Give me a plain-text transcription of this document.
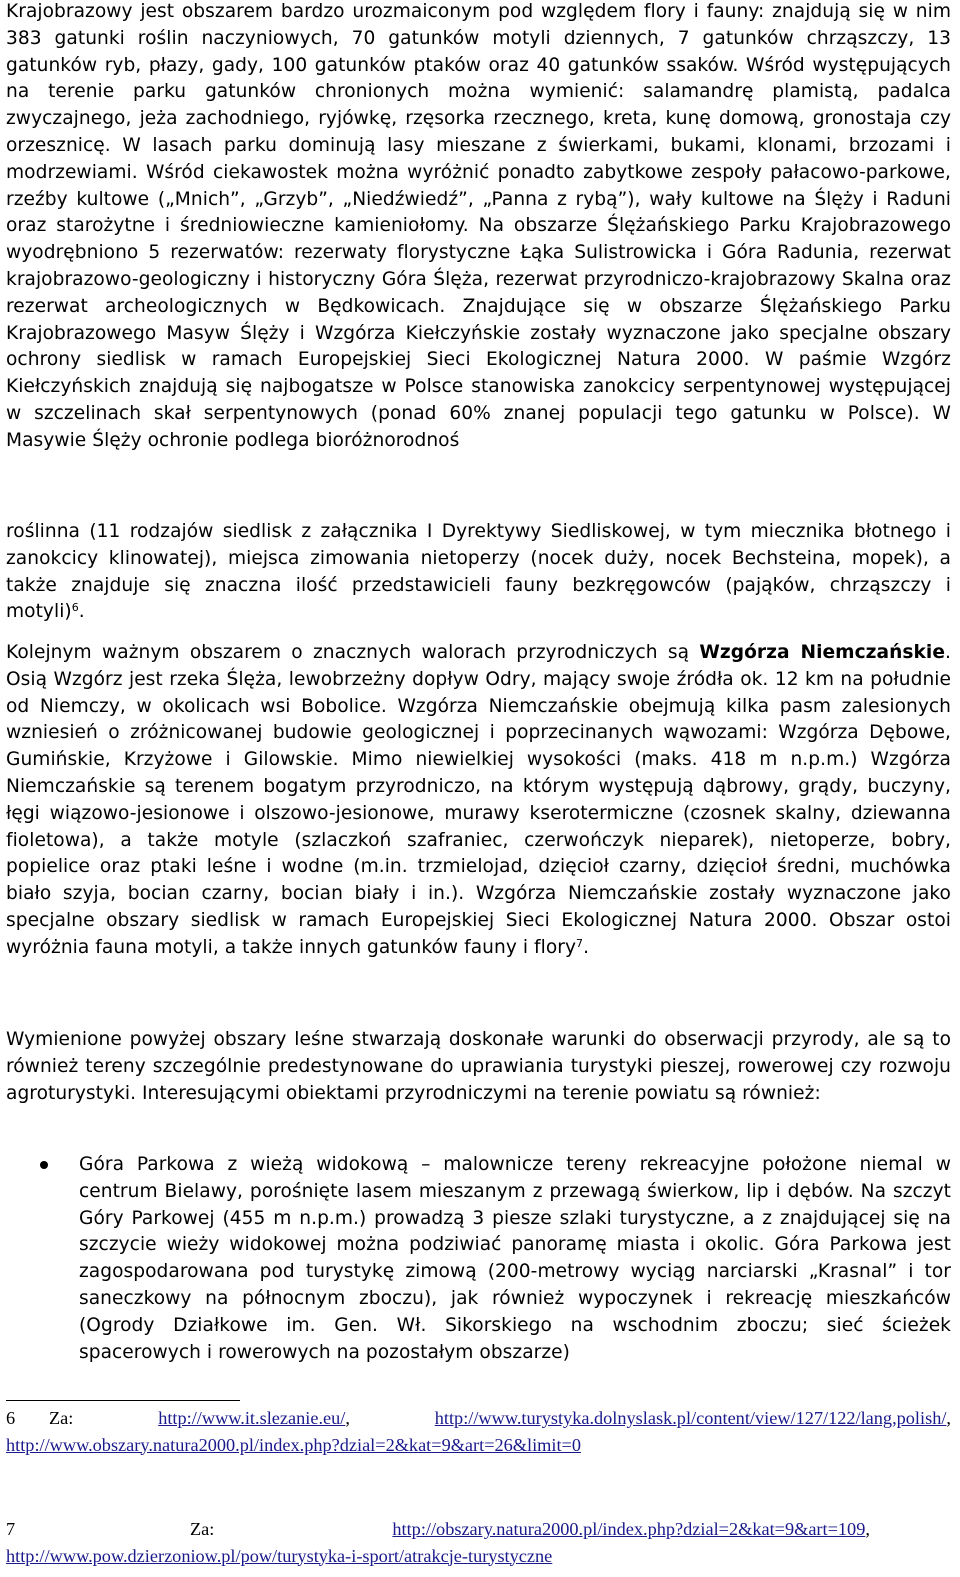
Krajobrazowy jest obszarem bardzo urozmaiconym pod względem flory i fauny: znajdują się w nim 383 gatunki roślin naczyniowych, 70 gatunków motyli dziennych, 7 gatunków chrząszczy, 13 gatunków ryb, płazy, gady, 100 gatunków ptaków oraz 40 gatunków ssaków. Wśród występujących na terenie parku gatunków chronionych można wymienić: salamandrę plamistą, padalca zwyczajnego, jeża zachodniego, ryjówkę, rzęsorka rzecznego, kreta, kunę domową, gronostaja czy orzesznicę. W lasach parku dominują lasy mieszane z świerkami, bukami, klonami, brzozami i modrzewiami. Wśród ciekawostek można wyróżnić ponadto zabytkowe zespoły pałacowo-parkowe, rzeźby kultowe („Mnich”, „Grzyb”, „Niedźwiedź”, „Panna z rybą”), wały kultowe na Ślęży i Raduni oraz starożytne i średniowieczne kamieniołomy. Na obszarze Ślężańskiego Parku Krajobrazowego wyodrębniono 5 rezerwatów: rezerwaty florystyczne Łąka Sulistrowicka i Góra Radunia, rezerwat krajobrazowo-geologiczny i historyczny Góra Ślęża, rezerwat przyrodniczo-krajobrazowy Skalna oraz rezerwat archeologicznych w Będkowicach. Znajdujące się w obszarze Ślężańskiego Parku Krajobrazowego Masyw Ślęży i Wzgórza Kiełczyńskie zostały wyznaczone jako specjalne obszary ochrony siedlisk w ramach Europejskiej Sieci Ekologicznej Natura 2000. W paśmie Wzgórz Kiełczyńskich znajdują się najbogatsze w Polsce stanowiska zanokcicy serpentynowej występującej w szczelinach skał serpentynowych (ponad 60% znanej populacji tego gatunku w Polsce). W Masywie Ślęży ochronie podlega bioróżnorodnoś

roślinna (11 rodzajów siedlisk z załącznika I Dyrektywy Siedliskowej, w tym miecznika błotnego i zanokcicy klinowatej), miejsca zimowania nietoperzy (nocek duży, nocek Bechsteina, mopek), a także znajduje się znaczna ilość przedstawicieli fauny bezkręgowców (pająków, chrząszczy i motyli)$^6$.

Kolejnym ważnym obszarem o znacznych walorach przyrodniczych są Wzgórza Niemczańskie. Osią Wzgórz jest rzeka Ślęża, lewobrzeżny dopływ Odry, mający swoje źródła ok. 12 km na południe od Niemczy, w okolicach wsi Bobolice. Wzgórza Niemczańskie obejmują kilka pasm zalesionych wzniesień o zróżnicowanej budowie geologicznej i poprzecinanych wąwozami: Wzgórza Dębowe, Gumińskie, Krzyżowe i Gilowskie. Mimo niewielkiej wysokości (maks. 418 m n.p.m.) Wzgórza Niemczańskie są terenem bogatym przyrodniczo, na którym występują dąbrowy, grądy, buczyny, łęgi wiązowo-jesionowe i olszowo-jesionowe, murawy kserotermiczne (czosnek skalny, dziewanna fioletowa), a także motyle (szlaczkoń szafraniec, czerwończyk nieparek), nietoperze, bobry, popielice oraz ptaki leśne i wodne (m.in. trzmielojad, dzięcioł czarny, dzięcioł średni, muchówka biało szyja, bocian czarny, bocian biały i in.). Wzgórza Niemczańskie zostały wyznaczone jako specjalne obszary siedlisk w ramach Europejskiej Sieci Ekologicznej Natura 2000. Obszar ostoi wyróżnia fauna motyli, a także innych gatunków fauny i flory$^7$.

Wymienione powyżej obszary leśne stwarzają doskonałe warunki do obserwacji przyrody, ale są to również tereny szczególnie predestynowane do uprawiania turystyki pieszej, rowerowej czy rozwoju agroturystyki. Interesującymi obiektami przyrodniczymi na terenie powiatu są również:

Góra Parkowa z wieżą widokową – malownicze tereny rekreacyjne położone niemal w centrum Bielawy, porośnięte lasem mieszanym z przewagą świerkow, lip i dębów. Na szczyt Góry Parkowej (455 m n.p.m.) prowadzą 3 piesze szlaki turystyczne, a z znajdującej się na szczycie wieży widokowej można podziwiać panoramę miasta i okolic. Góra Parkowa jest zagospodarowana pod turystykę zimową (200-metrowy wyciąg narciarski „Krasnal” i tor saneczkowy na północnym zboczu), jak również wypoczynek i rekreację mieszkańców (Ogrody Działkowe im. Gen. Wł. Sikorskiego na wschodnim zboczu; sieć ścieżek spacerowych i rowerowych na pozostałym obszarze)
6 Za:	http://www.it.slezanie.eu/,    http://www.turystyka.dolnyslask.pl/content/view/127/122/lang,polish/, http://www.obszary.natura2000.pl/index.php?dzial=2&kat=9&art=26&limit=0
7	Za:	http://obszary.natura2000.pl/index.php?dzial=2&kat=9&art=109, http://www.pow.dzierzoniow.pl/pow/turystyka-i-sport/atrakcje-turystyczne
